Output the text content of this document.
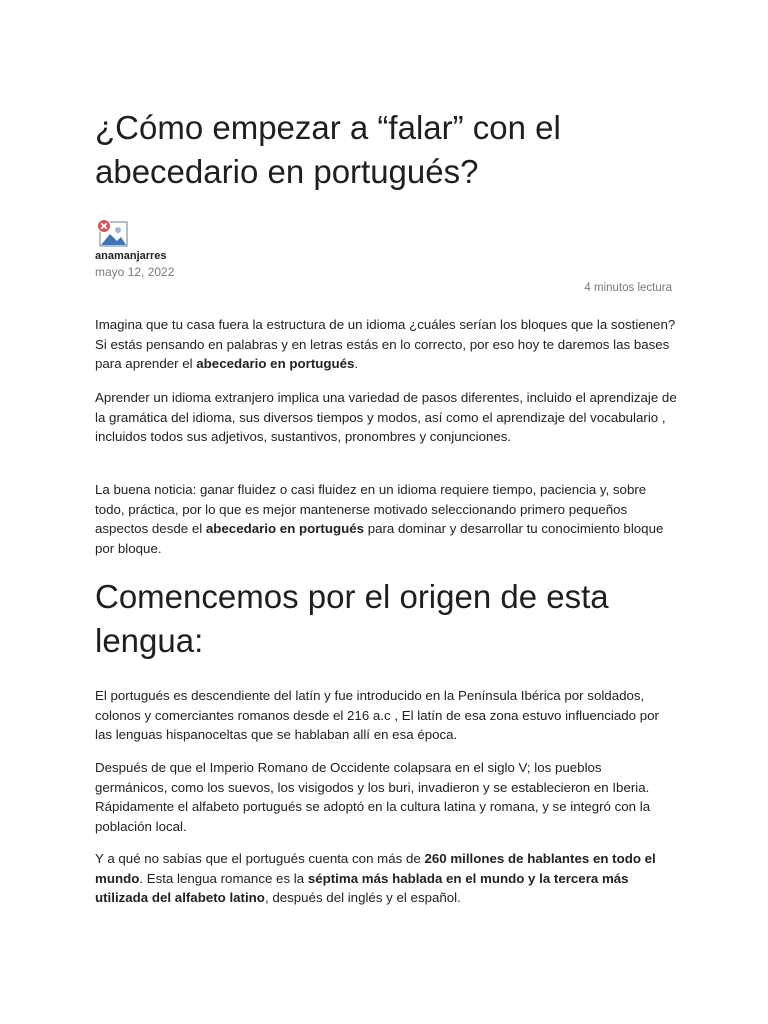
¿Cómo empezar a “falar” con el abecedario en portugués?
anamanjarres
mayo 12, 2022
4 minutos lectura

Imagina que tu casa fuera la estructura de un idioma ¿cuáles serían los bloques que la sostienen? Si estás pensando en palabras y en letras estás en lo correcto, por eso hoy te daremos las bases para aprender el abecedario en portugués.

Aprender un idioma extranjero implica una variedad de pasos diferentes, incluido el aprendizaje de la gramática del idioma, sus diversos tiempos y modos, así como el aprendizaje del vocabulario , incluidos todos sus adjetivos, sustantivos, pronombres y conjunciones.

La buena noticia: ganar fluidez o casi fluidez en un idioma requiere tiempo, paciencia y, sobre todo, práctica, por lo que es mejor mantenerse motivado seleccionando primero pequeños aspectos desde el abecedario en portugués para dominar y desarrollar tu conocimiento bloque por bloque.

Comencemos por el origen de esta lengua:

El portugués es descendiente del latín y fue introducido en la Península Ibérica por soldados, colonos y comerciantes romanos desde el 216 a.c , El latín de esa zona estuvo influenciado por las lenguas hispanoceltas que se hablaban allí en esa época.

Después de que el Imperio Romano de Occidente colapsara en el siglo V; los pueblos germánicos, como los suevos, los visigodos y los buri, invadieron y se establecieron en Iberia. Rápidamente el alfabeto portugués se adoptó en la cultura latina y romana, y se integró con la población local.

Y a qué no sabías que el portugués cuenta con más de 260 millones de hablantes en todo el mundo. Esta lengua romance es la séptima más hablada en el mundo y la tercera más utilizada del alfabeto latino, después del inglés y el español.
